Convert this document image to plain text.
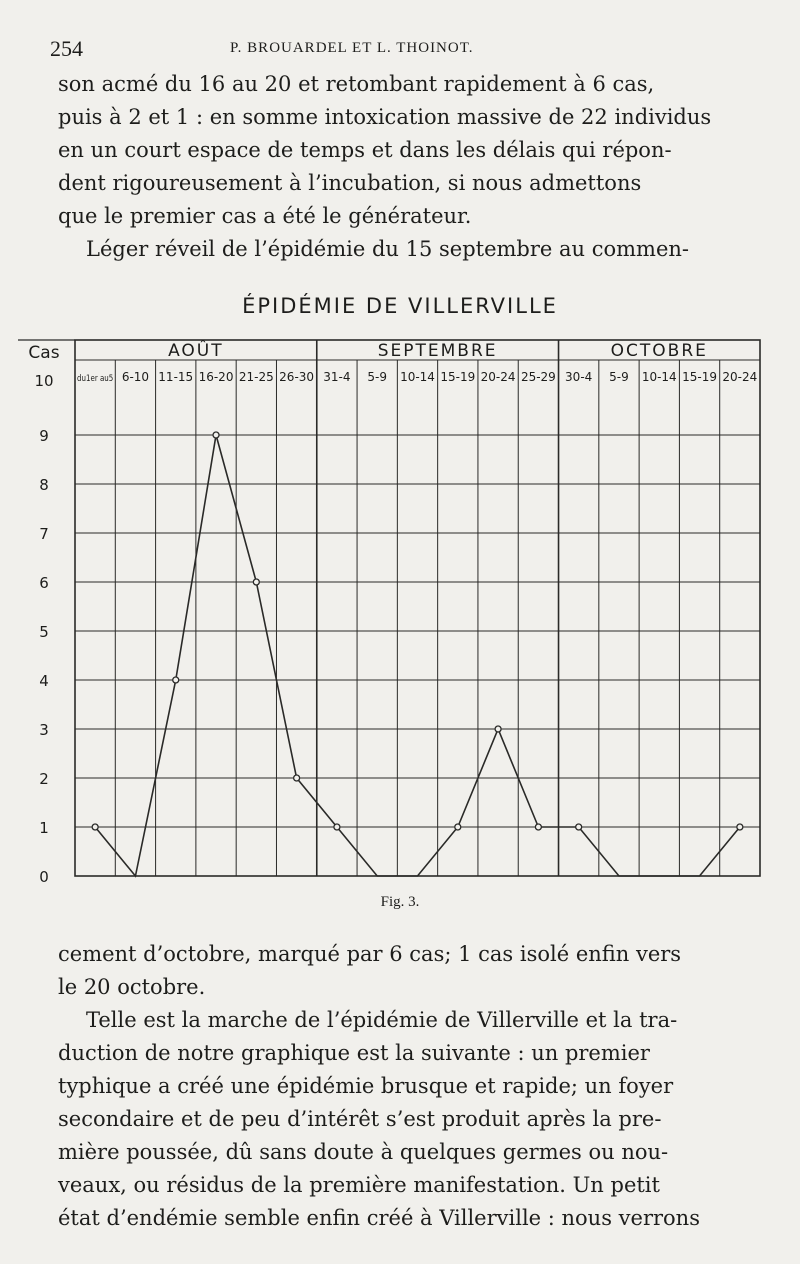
254	P. BROUARDEL ET L. THOINOT.

son acmé du 16 au 20 et retombant rapidement à 6 cas,
puis à 2 et 1 : en somme intoxication massive de 22 individus
en un court espace de temps et dans les délais qui répon-
dent rigoureusement à l’incubation, si nous admettons
que le premier cas a été le générateur.
Léger réveil de l’épidémie du 15 septembre au commen-

ÉPIDÉMIE DE VILLERVILLE
AOÛT	SEPTEMBRE	OCTOBRE
du1er au5 6-10 11-15 16-20 21-25 26-30 31-4 5-9 10-14 15-19 20-24 25-29 30-4 5-9 10-14 15-19 20-24
Cas
0
1
2
3
4
5
6
7
8
9
10
Fig. 3.

cement d’octobre, marqué par 6 cas; 1 cas isolé enfin vers
le 20 octobre.
Telle est la marche de l’épidémie de Villerville et la tra-
duction de notre graphique est la suivante : un premier
typhique a créé une épidémie brusque et rapide; un foyer
secondaire et de peu d’intérêt s’est produit après la pre-
mière poussée, dû sans doute à quelques germes ou nou-
veaux, ou résidus de la première manifestation. Un petit
état d’endémie semble enfin créé à Villerville : nous verrons
